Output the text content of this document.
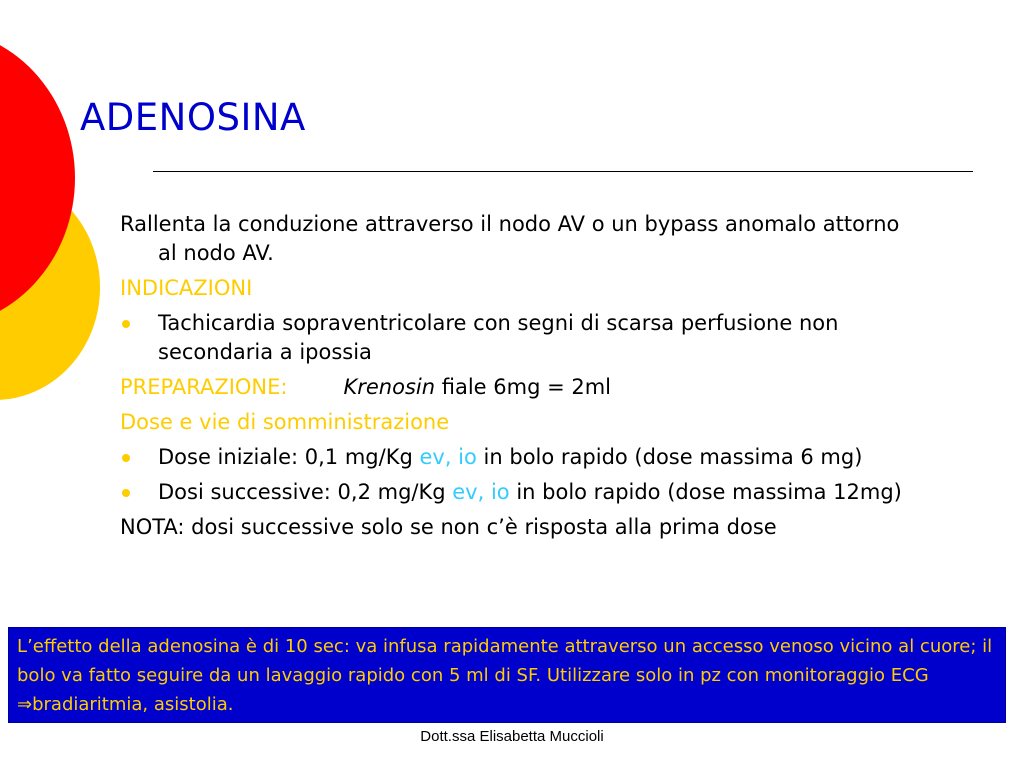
ADENOSINA

Rallenta la conduzione attraverso il nodo AV o un bypass anomalo attorno al nodo AV.

INDICAZIONI

Tachicardia sopraventricolare con segni di scarsa perfusione non secondaria a ipossia

PREPARAZIONE:	Krenosin fiale 6mg = 2ml

Dose e vie di somministrazione

Dose iniziale: 0,1 mg/Kg ev, io in bolo rapido (dose massima 6 mg)
Dosi successive: 0,2 mg/Kg ev, io in bolo rapido (dose massima 12mg)

NOTA: dosi successive solo se non c’è risposta alla prima dose

L’effetto della adenosina è di 10 sec: va infusa rapidamente attraverso un accesso venoso vicino al cuore; il bolo va fatto seguire da un lavaggio rapido con 5 ml di SF. Utilizzare solo in pz con monitoraggio ECG ⇒bradiaritmia, asistolia.
Dott.ssa Elisabetta Muccioli
